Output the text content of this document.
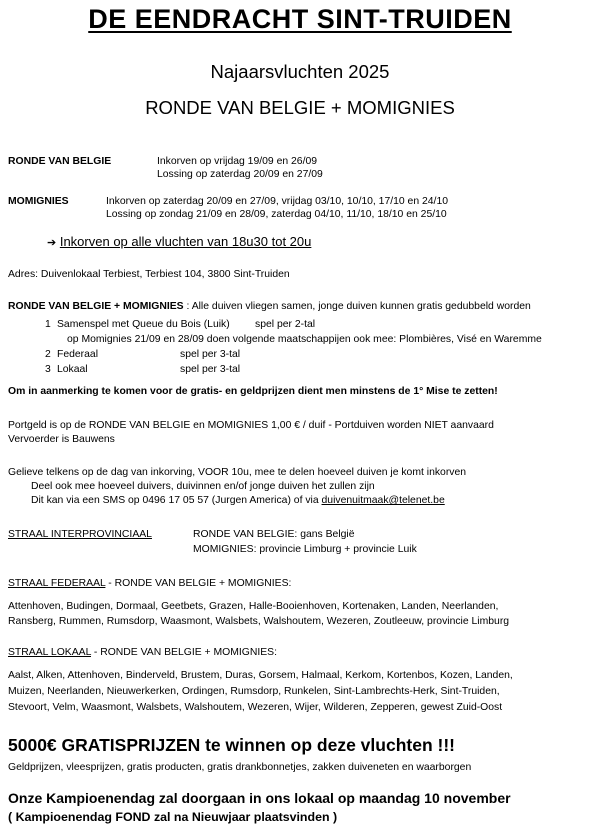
DE EENDRACHT SINT-TRUIDEN
Najaarsvluchten 2025
RONDE VAN BELGIE + MOMIGNIES
RONDE VAN BELGIE	Inkorven op vrijdag 19/09 en 26/09
Lossing op zaterdag 20/09 en 27/09
MOMIGNIES	Inkorven op zaterdag 20/09 en 27/09, vrijdag 03/10, 10/10, 17/10 en 24/10
Lossing op zondag 21/09 en 28/09, zaterdag 04/10, 11/10, 18/10 en 25/10
➔ Inkorven op alle vluchten van 18u30 tot 20u
Adres: Duivenlokaal Terbiest, Terbiest 104, 3800 Sint-Truiden
RONDE VAN BELGIE + MOMIGNIES : Alle duiven vliegen samen, jonge duiven kunnen gratis gedubbeld worden
1 Samenspel met Queue du Bois (Luik) spel per 2-tal
op Momignies 21/09 en 28/09 doen volgende maatschappijen ook mee: Plombières, Visé en Waremme
2 Federaal	spel per 3-tal
3 Lokaal	spel per 3-tal
Om in aanmerking te komen voor de gratis- en geldprijzen dient men minstens de 1° Mise te zetten!
Portgeld is op de RONDE VAN BELGIE en MOMIGNIES 1,00 € / duif - Portduiven worden NIET aanvaard
Vervoerder is Bauwens
Gelieve telkens op de dag van inkorving, VOOR 10u, mee te delen hoeveel duiven je komt inkorven
Deel ook mee hoeveel duivers, duivinnen en/of jonge duiven het zullen zijn
Dit kan via een SMS op 0496 17 05 57 (Jurgen America) of via duivenuitmaak@telenet.be
STRAAL INTERPROVINCIAAL	RONDE VAN BELGIE: gans België
MOMIGNIES: provincie Limburg + provincie Luik
STRAAL FEDERAAL - RONDE VAN BELGIE + MOMIGNIES:
Attenhoven, Budingen, Dormaal, Geetbets, Grazen, Halle-Booienhoven, Kortenaken, Landen, Neerlanden,
Ransberg, Rummen, Rumsdorp, Waasmont, Walsbets, Walshoutem, Wezeren, Zoutleeuw, provincie Limburg
STRAAL LOKAAL - RONDE VAN BELGIE + MOMIGNIES:
Aalst, Alken, Attenhoven, Binderveld, Brustem, Duras, Gorsem, Halmaal, Kerkom, Kortenbos, Kozen, Landen,
Muizen, Neerlanden, Nieuwerkerken, Ordingen, Rumsdorp, Runkelen, Sint-Lambrechts-Herk, Sint-Truiden,
Stevoort, Velm, Waasmont, Walsbets, Walshoutem, Wezeren, Wijer, Wilderen, Zepperen, gewest Zuid-Oost
5000€ GRATISPRIJZEN te winnen op deze vluchten !!!
Geldprijzen, vleesprijzen, gratis producten, gratis drankbonnetjes, zakken duiveneten en waarborgen
Onze Kampioenendag zal doorgaan in ons lokaal op maandag 10 november
( Kampioenendag FOND zal na Nieuwjaar plaatsvinden )
